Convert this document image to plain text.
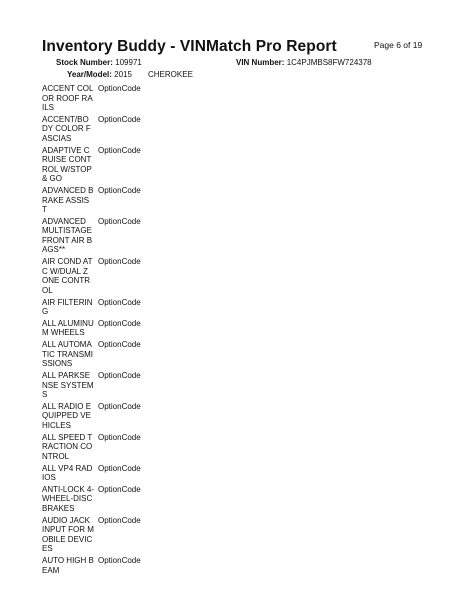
Inventory Buddy - VINMatch Pro Report	Page 6 of 19
Stock Number: 109971	VIN Number: 1C4PJMBS8FW724378
Year/Model: 2015 CHEROKEE
ACCENT COLOR ROOF RAILS
OptionCode
ACCENT/BODY COLOR FASCIAS
OptionCode
ADAPTIVE CRUISE CONTROL W/STOP & GO
OptionCode
ADVANCED BRAKE ASSIST
OptionCode
ADVANCED MULTISTAGE FRONT AIR BAGS**
OptionCode
AIR COND ATC W/DUAL ZONE CONTROL
OptionCode
AIR FILTERING
OptionCode
ALL ALUMINUM WHEELS
OptionCode
ALL AUTOMATIC TRANSMISSIONS
OptionCode
ALL PARKSENSE SYSTEMS
OptionCode
ALL RADIO EQUIPPED VEHICLES
OptionCode
ALL SPEED TRACTION CONTROL
OptionCode
ALL VP4 RADIOS
OptionCode
ANTI-LOCK 4-WHEEL-DISC BRAKES
OptionCode
AUDIO JACK INPUT FOR MOBILE DEVICES
OptionCode
AUTO HIGH BEAM
OptionCode
